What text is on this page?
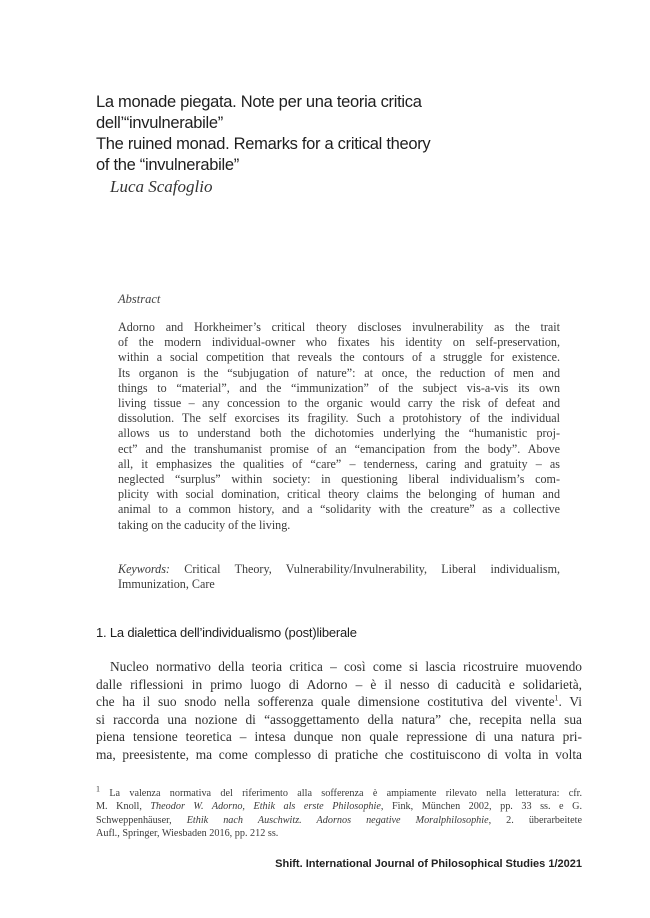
La monade piegata. Note per una teoria critica
dell’“invulnerabile”
The ruined monad. Remarks for a critical theory
of the “invulnerabile”
Luca Scafoglio
Abstract
Adorno and Horkheimer’s critical theory discloses invulnerability as the trait
of the modern individual-owner who fixates his identity on self-preservation,
within a social competition that reveals the contours of a struggle for existence.
Its organon is the “subjugation of nature”: at once, the reduction of men and
things to “material”, and the “immunization” of the subject vis-a-vis its own
living tissue – any concession to the organic would carry the risk of defeat and
dissolution. The self exorcises its fragility. Such a protohistory of the individual
allows us to understand both the dichotomies underlying the “humanistic proj-
ect” and the transhumanist promise of an “emancipation from the body”. Above
all, it emphasizes the qualities of “care” – tenderness, caring and gratuity – as
neglected “surplus” within society: in questioning liberal individualism’s com-
plicity with social domination, critical theory claims the belonging of human and
animal to a common history, and a “solidarity with the creature” as a collective
taking on the caducity of the living.
Keywords: Critical Theory, Vulnerability/Invulnerability, Liberal individualism,
Immunization, Care
1. La dialettica dell’individualismo (post)liberale
Nucleo normativo della teoria critica – così come si lascia ricostruire muovendo
dalle riflessioni in primo luogo di Adorno – è il nesso di caducità e solidarietà,
che ha il suo snodo nella sofferenza quale dimensione costitutiva del vivente$^1$. Vi
si raccorda una nozione di “assoggettamento della natura” che, recepita nella sua
piena tensione teoretica – intesa dunque non quale repressione di una natura pri-
ma, preesistente, ma come complesso di pratiche che costituiscono di volta in volta
$^1$ La valenza normativa del riferimento alla sofferenza è ampiamente rilevato nella letteratura: cfr.
M. Knoll, Theodor W. Adorno, Ethik als erste Philosophie, Fink, München 2002, pp. 33 ss. e G.
Schweppenhäuser, Ethik nach Auschwitz. Adornos negative Moralphilosophie, 2. überarbeitete
Aufl., Springer, Wiesbaden 2016, pp. 212 ss.
Shift. International Journal of Philosophical Studies 1/2021
